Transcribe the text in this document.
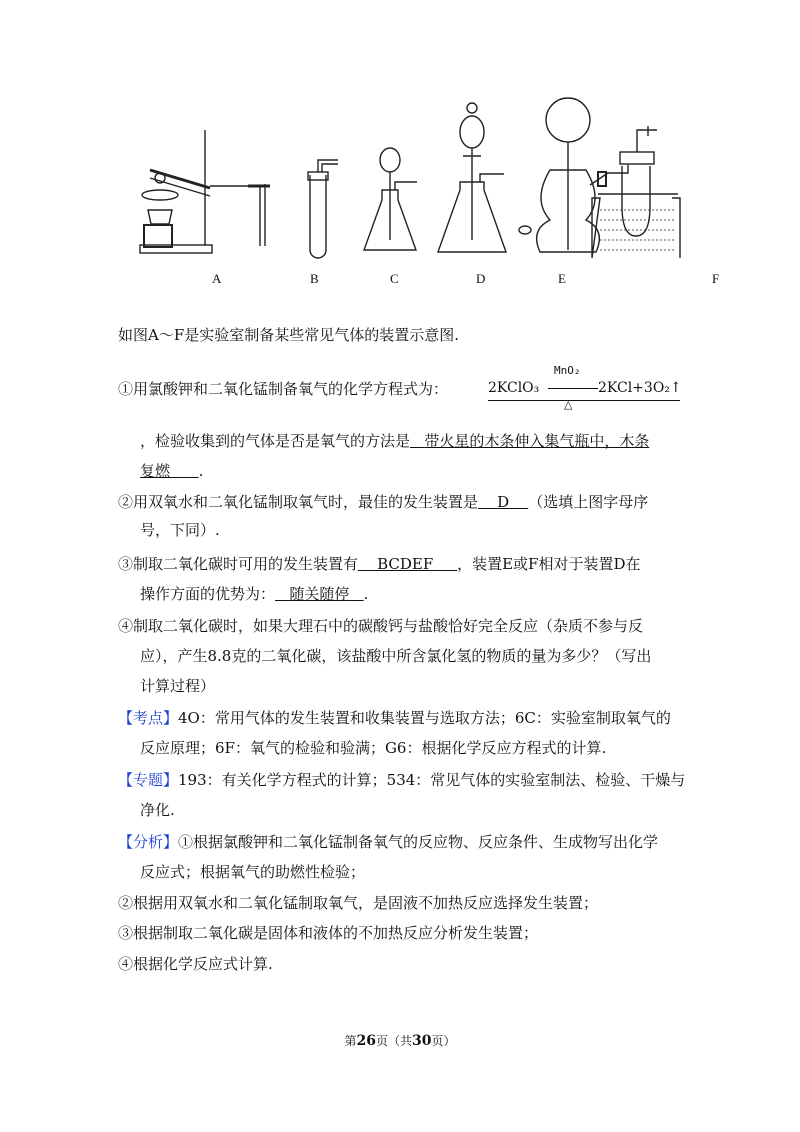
A	B	C	D	E	F
如图A～F是实验室制备某些常见气体的装置示意图.
①用氯酸钾和二氧化锰制备氧气的化学方程式为：	2KClO₃
MnO₂
△
2KCl+3O₂↑
，检验收集到的气体是否是氧气的方法是 带火星的木条伸入集气瓶中，木条
复燃 .
②用双氧水和二氧化锰制取氧气时，最佳的发生装置是 D （选填上图字母序
号，下同）.
③制取二氧化碳时可用的发生装置有 BCDEF ，装置E或F相对于装置D在
操作方面的优势为： 随关随停 .
④制取二氧化碳时，如果大理石中的碳酸钙与盐酸恰好完全反应（杂质不参与反
应），产生8.8克的二氧化碳，该盐酸中所含氯化氢的物质的量为多少？（写出
计算过程）
【考点】4O：常用气体的发生装置和收集装置与选取方法；6C：实验室制取氧气的
反应原理；6F：氧气的检验和验满；G6：根据化学反应方程式的计算.
【专题】193：有关化学方程式的计算；534：常见气体的实验室制法、检验、干燥与
净化.
【分析】①根据氯酸钾和二氧化锰制备氧气的反应物、反应条件、生成物写出化学
反应式；根据氧气的助燃性检验；
②根据用双氧水和二氧化锰制取氧气，是固液不加热反应选择发生装置；
③根据制取二氧化碳是固体和液体的不加热反应分析发生装置；
④根据化学反应式计算.
第26页（共30页）
